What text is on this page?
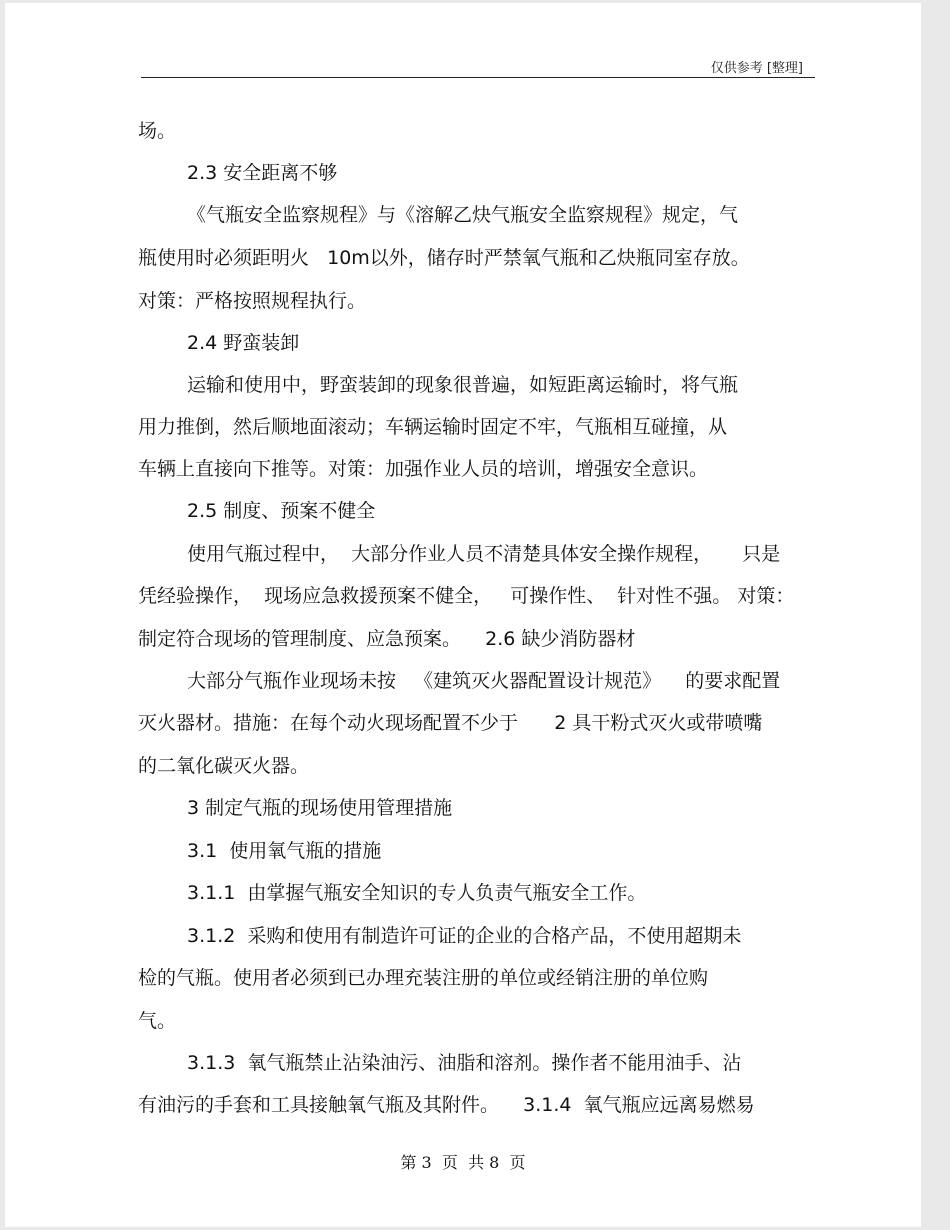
仅供参考 [整理]
场。
2.3 安全距离不够
《气瓶安全监察规程》与《溶解乙炔气瓶安全监察规程》规定，气
瓶使用时必须距明火   10m以外，储存时严禁氧气瓶和乙炔瓶同室存放。
对策：严格按照规程执行。
2.4 野蛮装卸
运输和使用中，野蛮装卸的现象很普遍，如短距离运输时，将气瓶
用力推倒，然后顺地面滚动；车辆运输时固定不牢，气瓶相互碰撞，从
车辆上直接向下推等。对策：加强作业人员的培训，增强安全意识。
2.5 制度、预案不健全
使用气瓶过程中，  大部分作业人员不清楚具体安全操作规程，     只是
凭经验操作，  现场应急救援预案不健全，   可操作性、  针对性不强。 对策：
制定符合现场的管理制度、应急预案。    2.6 缺少消防器材
大部分气瓶作业现场未按   《建筑灭火器配置设计规范》    的要求配置
灭火器材。措施：在每个动火现场配置不少于      2 具干粉式灭火或带喷嘴
的二氧化碳灭火器。
3 制定气瓶的现场使用管理措施
3.1  使用氧气瓶的措施
3.1.1  由掌握气瓶安全知识的专人负责气瓶安全工作。
3.1.2  采购和使用有制造许可证的企业的合格产品，不使用超期未
检的气瓶。使用者必须到已办理充装注册的单位或经销注册的单位购
气。
3.1.3  氧气瓶禁止沾染油污、油脂和溶剂。操作者不能用油手、沾
有油污的手套和工具接触氧气瓶及其附件。    3.1.4  氧气瓶应远离易燃易
第 3  页  共 8  页
